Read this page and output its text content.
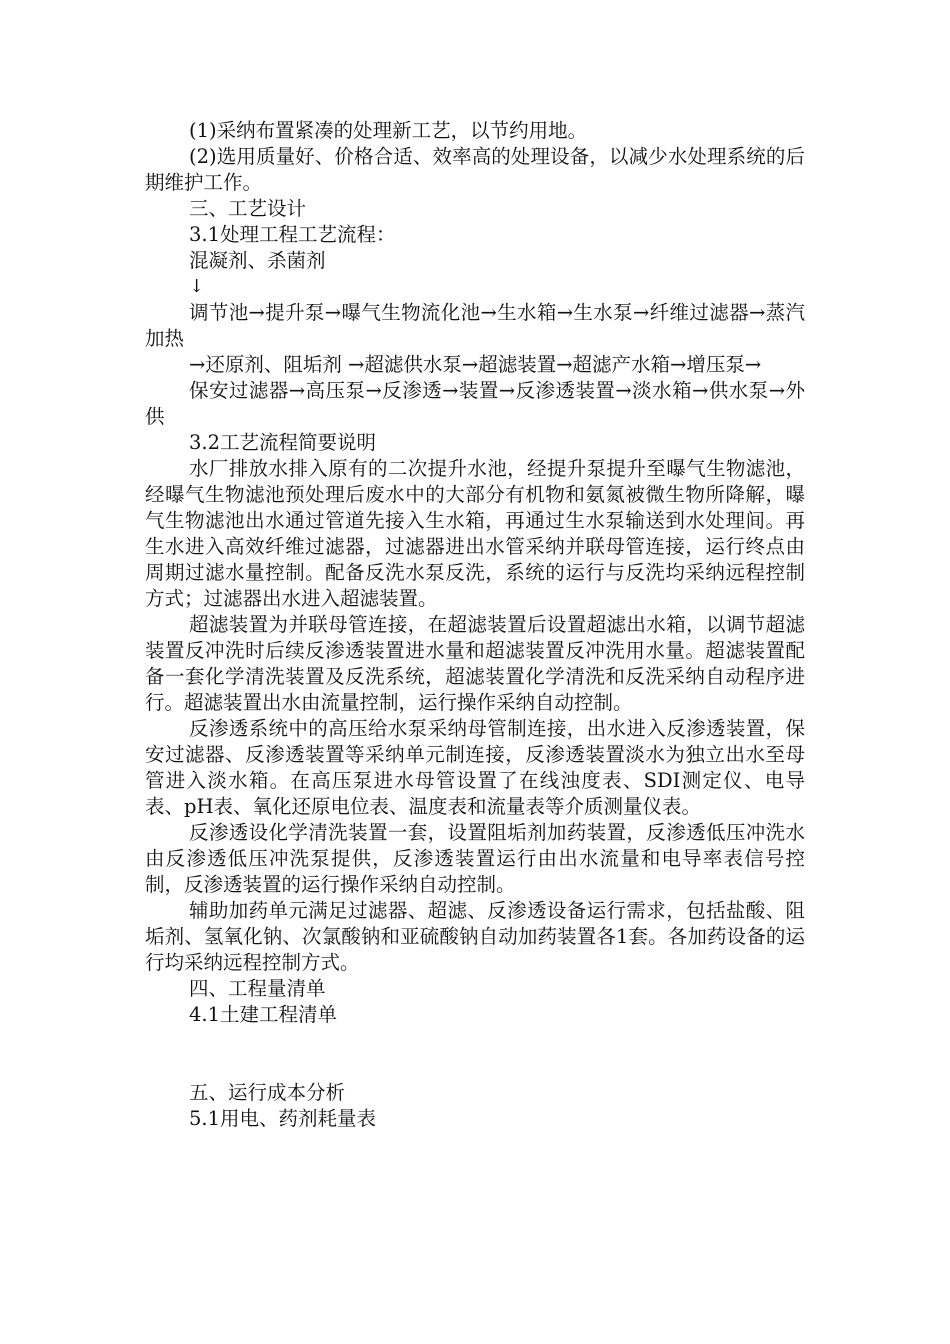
(1)采纳布置紧凑的处理新工艺，以节约用地。
(2)选用质量好、价格合适、效率高的处理设备，以减少水处理系统的后期维护工作。
三、工艺设计
3.1处理工程工艺流程：
混凝剂、杀菌剂
↓
调节池→提升泵→曝气生物流化池→生水箱→生水泵→纤维过滤器→蒸汽加热
→还原剂、阻垢剂 →超滤供水泵→超滤装置→超滤产水箱→增压泵→
保安过滤器→高压泵→反渗透→装置→反渗透装置→淡水箱→供水泵→外供
3.2工艺流程简要说明
水厂排放水排入原有的二次提升水池，经提升泵提升至曝气生物滤池，经曝气生物滤池预处理后废水中的大部分有机物和氨氮被微生物所降解，曝气生物滤池出水通过管道先接入生水箱，再通过生水泵输送到水处理间。再生水进入高效纤维过滤器，过滤器进出水管采纳并联母管连接，运行终点由周期过滤水量控制。配备反洗水泵反洗，系统的运行与反洗均采纳远程控制方式；过滤器出水进入超滤装置。
超滤装置为并联母管连接，在超滤装置后设置超滤出水箱，以调节超滤装置反冲洗时后续反渗透装置进水量和超滤装置反冲洗用水量。超滤装置配备一套化学清洗装置及反洗系统，超滤装置化学清洗和反洗采纳自动程序进行。超滤装置出水由流量控制，运行操作采纳自动控制。
反渗透系统中的高压给水泵采纳母管制连接，出水进入反渗透装置，保安过滤器、反渗透装置等采纳单元制连接，反渗透装置淡水为独立出水至母管进入淡水箱。在高压泵进水母管设置了在线浊度表、SDI测定仪、电导表、pH表、氧化还原电位表、温度表和流量表等介质测量仪表。
反渗透设化学清洗装置一套，设置阻垢剂加药装置，反渗透低压冲洗水由反渗透低压冲洗泵提供，反渗透装置运行由出水流量和电导率表信号控制，反渗透装置的运行操作采纳自动控制。
辅助加药单元满足过滤器、超滤、反渗透设备运行需求，包括盐酸、阻垢剂、氢氧化钠、次氯酸钠和亚硫酸钠自动加药装置各1套。各加药设备的运行均采纳远程控制方式。
四、工程量清单
4.1土建工程清单
五、运行成本分析
5.1用电、药剂耗量表
